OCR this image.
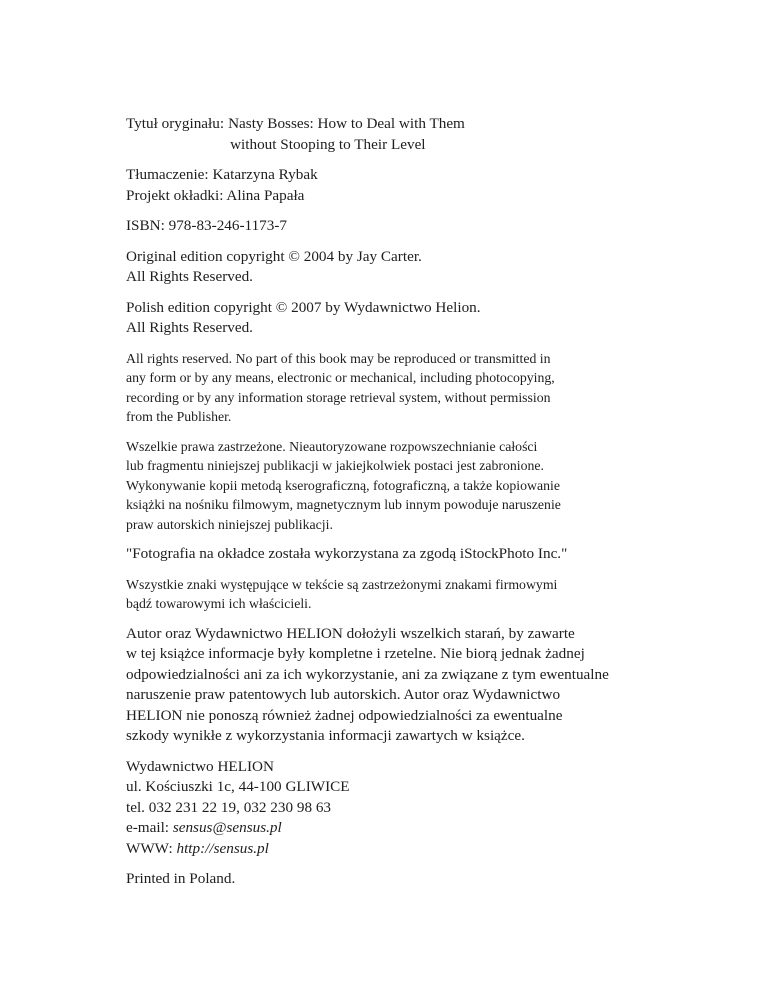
Tytuł oryginału: Nasty Bosses: How to Deal with Them
without Stooping to Their Level
Tłumaczenie: Katarzyna Rybak
Projekt okładki: Alina Papała
ISBN: 978-83-246-1173-7
Original edition copyright © 2004 by Jay Carter.
All Rights Reserved.
Polish edition copyright © 2007 by Wydawnictwo Helion.
All Rights Reserved.
All rights reserved. No part of this book may be reproduced or transmitted in
any form or by any means, electronic or mechanical, including photocopying,
recording or by any information storage retrieval system, without permission
from the Publisher.
Wszelkie prawa zastrzeżone. Nieautoryzowane rozpowszechnianie całości
lub fragmentu niniejszej publikacji w jakiejkolwiek postaci jest zabronione.
Wykonywanie kopii metodą kserograficzną, fotograficzną, a także kopiowanie
książki na nośniku filmowym, magnetycznym lub innym powoduje naruszenie
praw autorskich niniejszej publikacji.
"Fotografia na okładce została wykorzystana za zgodą iStockPhoto Inc."
Wszystkie znaki występujące w tekście są zastrzeżonymi znakami firmowymi
bądź towarowymi ich właścicieli.
Autor oraz Wydawnictwo HELION dołożyli wszelkich starań, by zawarte
w tej książce informacje były kompletne i rzetelne. Nie biorą jednak żadnej
odpowiedzialności ani za ich wykorzystanie, ani za związane z tym ewentualne
naruszenie praw patentowych lub autorskich. Autor oraz Wydawnictwo
HELION nie ponoszą również żadnej odpowiedzialności za ewentualne
szkody wynikłe z wykorzystania informacji zawartych w książce.
Wydawnictwo HELION
ul. Kościuszki 1c, 44-100 GLIWICE
tel. 032 231 22 19, 032 230 98 63
e-mail: sensus@sensus.pl
WWW: http://sensus.pl
Printed in Poland.
